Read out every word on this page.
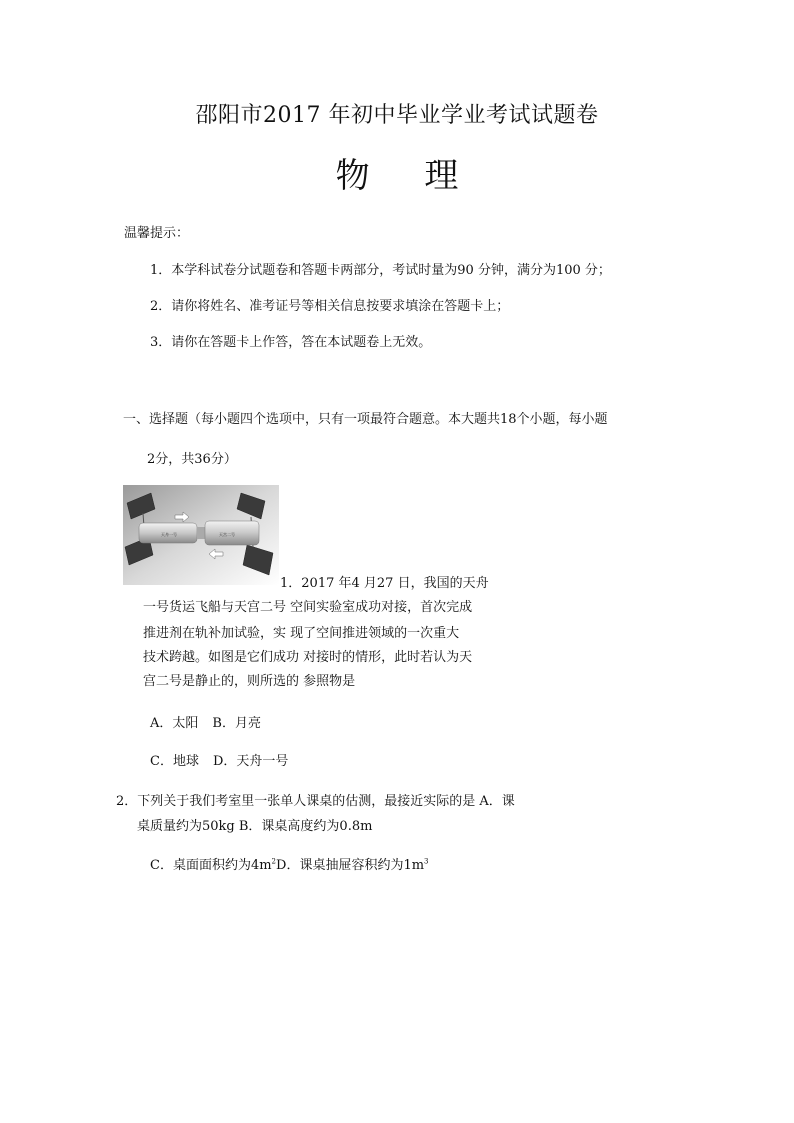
邵阳市2017 年初中毕业学业考试试题卷
物 理
温馨提示：
1．本学科试卷分试题卷和答题卡两部分，考试时量为90 分钟，满分为100 分；
2．请你将姓名、准考证号等相关信息按要求填涂在答题卡上；
3．请你在答题卡上作答，答在本试题卷上无效。
一、选择题（每小题四个选项中，只有一项最符合题意。本大题共18个小题，每小题
2分，共36分）
天舟一号	天宫二号
1．2017 年4 月27 日，我国的天舟
一号货运飞船与天宫二号 空间实验室成功对接，首次完成
推进剂在轨补加试验，实 现了空间推进领域的一次重大
技术跨越。如图是它们成功 对接时的情形，此时若认为天
宫二号是静止的，则所选的 参照物是
A．太阳 B．月亮
C．地球 D．天舟一号
2．下列关于我们考室里一张单人课桌的估测，最接近实际的是 A．课
桌质量约为50kg B．课桌高度约为0.8m
C．桌面面积约为$4m^2D$．课桌抽屉容积约为$1m^3$
